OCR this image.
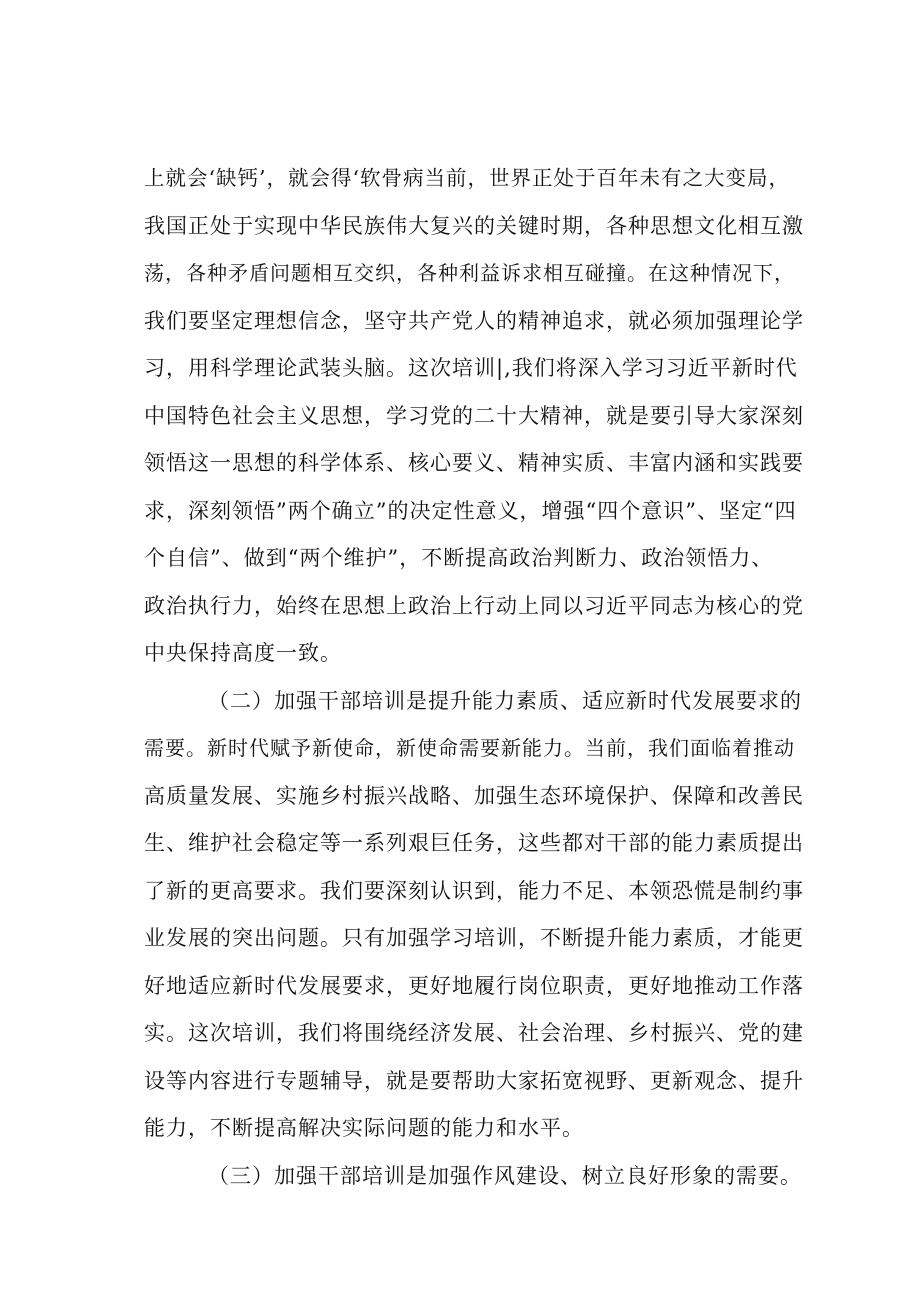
上就会‘缺钙’，就会得‘软骨病当前，世界正处于百年未有之大变局，
我国正处于实现中华民族伟大复兴的关键时期，各种思想文化相互激
荡，各种矛盾问题相互交织，各种利益诉求相互碰撞。在这种情况下，
我们要坚定理想信念，坚守共产党人的精神追求，就必须加强理论学
习，用科学理论武装头脑。这次培训|,我们将深入学习习近平新时代
中国特色社会主义思想，学习党的二十大精神，就是要引导大家深刻
领悟这一思想的科学体系、核心要义、精神实质、丰富内涵和实践要
求，深刻领悟”两个确立”的决定性意义，增强“四个意识”、坚定“四
个自信”、做到“两个维护”，不断提高政治判断力、政治领悟力、
政治执行力，始终在思想上政治上行动上同以习近平同志为核心的党
中央保持高度一致。
（二）加强干部培训是提升能力素质、适应新时代发展要求的
需要。新时代赋予新使命，新使命需要新能力。当前，我们面临着推动
高质量发展、实施乡村振兴战略、加强生态环境保护、保障和改善民
生、维护社会稳定等一系列艰巨任务，这些都对干部的能力素质提出
了新的更高要求。我们要深刻认识到，能力不足、本领恐慌是制约事
业发展的突出问题。只有加强学习培训，不断提升能力素质，才能更
好地适应新时代发展要求，更好地履行岗位职责，更好地推动工作落
实。这次培训，我们将围绕经济发展、社会治理、乡村振兴、党的建
设等内容进行专题辅导，就是要帮助大家拓宽视野、更新观念、提升
能力，不断提高解决实际问题的能力和水平。
（三）加强干部培训是加强作风建设、树立良好形象的需要。
